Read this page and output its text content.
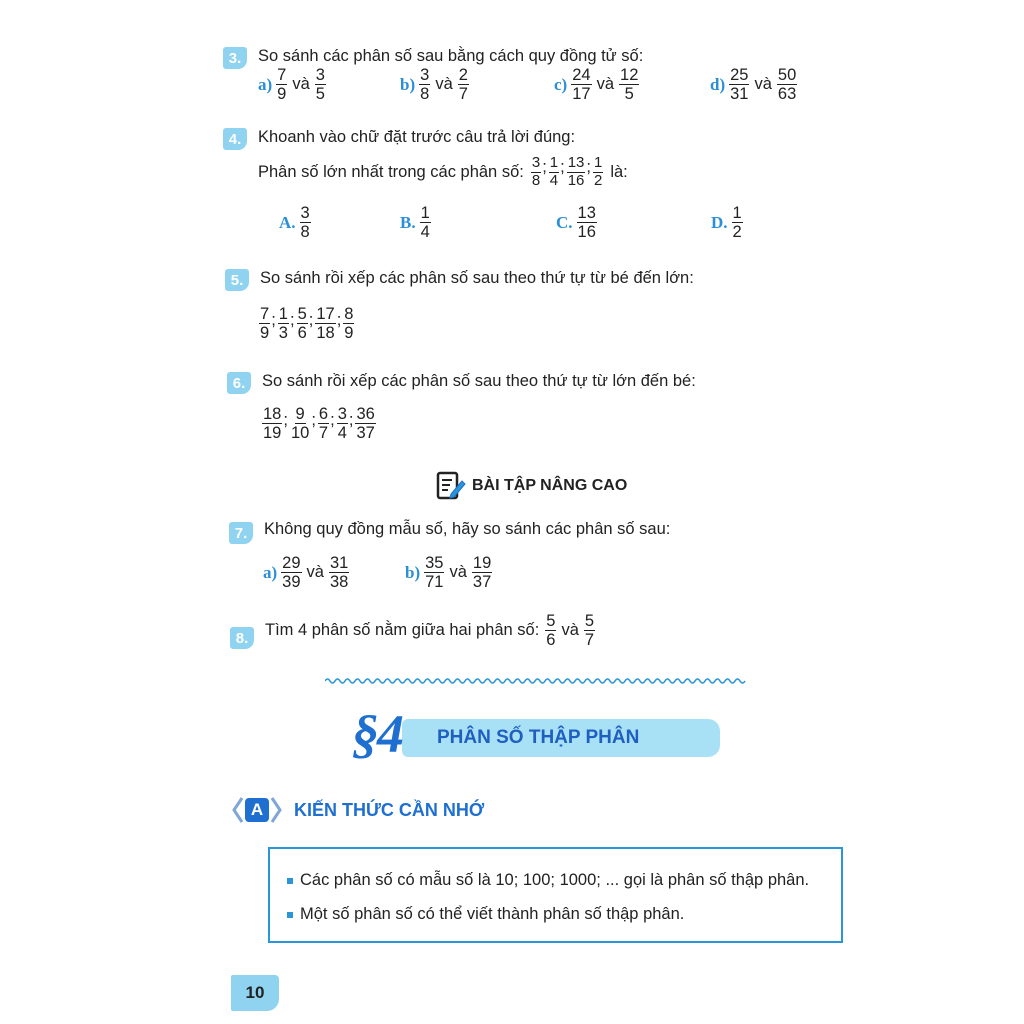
3.	So sánh các phân số sau bằng cách quy đồng tử số:
$a) \frac{7}{9}$ và $\frac{3}{5}$	$b) \frac{3}{8}$ và $\frac{2}{7}$	$c) \frac{24}{17}$ và $\frac{12}{5}$	$d) \frac{25}{31}$ và $\frac{50}{63}$
4.	Khoanh vào chữ đặt trước câu trả lời đúng:
Phân số lớn nhất trong các phân số: $\frac{3}{8}$ ; $\frac{1}{4}$ ; $\frac{13}{16}$ ; $\frac{1}{2}$ là:
A. $\frac{3}{8}$	B. $\frac{1}{4}$	C. $\frac{13}{16}$	D. $\frac{1}{2}$
5.	So sánh rồi xếp các phân số sau theo thứ tự từ bé đến lớn:
$\frac{7}{9}$ ; $\frac{1}{3}$ ; $\frac{5}{6}$ ; $\frac{17}{18}$ ; $\frac{8}{9}$
6.	So sánh rồi xếp các phân số sau theo thứ tự từ lớn đến bé:
$\frac{18}{19}$ ; $\frac{9}{10}$ ; $\frac{6}{7}$ ; $\frac{3}{4}$ ; $\frac{36}{37}$
BÀI TẬP NÂNG CAO
7.	Không quy đồng mẫu số, hãy so sánh các phân số sau:
$a) \frac{29}{39}$ và $\frac{31}{38}$	$b) \frac{35}{71}$ và $\frac{19}{37}$
8.	Tìm 4 phân số nằm giữa hai phân số: $\frac{5}{6}$ và $\frac{5}{7}$
§4 PHÂN SỐ THẬP PHÂN
A	KIẾN THỨC CẦN NHỚ
Các phân số có mẫu số là 10; 100; 1000; ... gọi là phân số thập phân.
Một số phân số có thể viết thành phân số thập phân.
10
